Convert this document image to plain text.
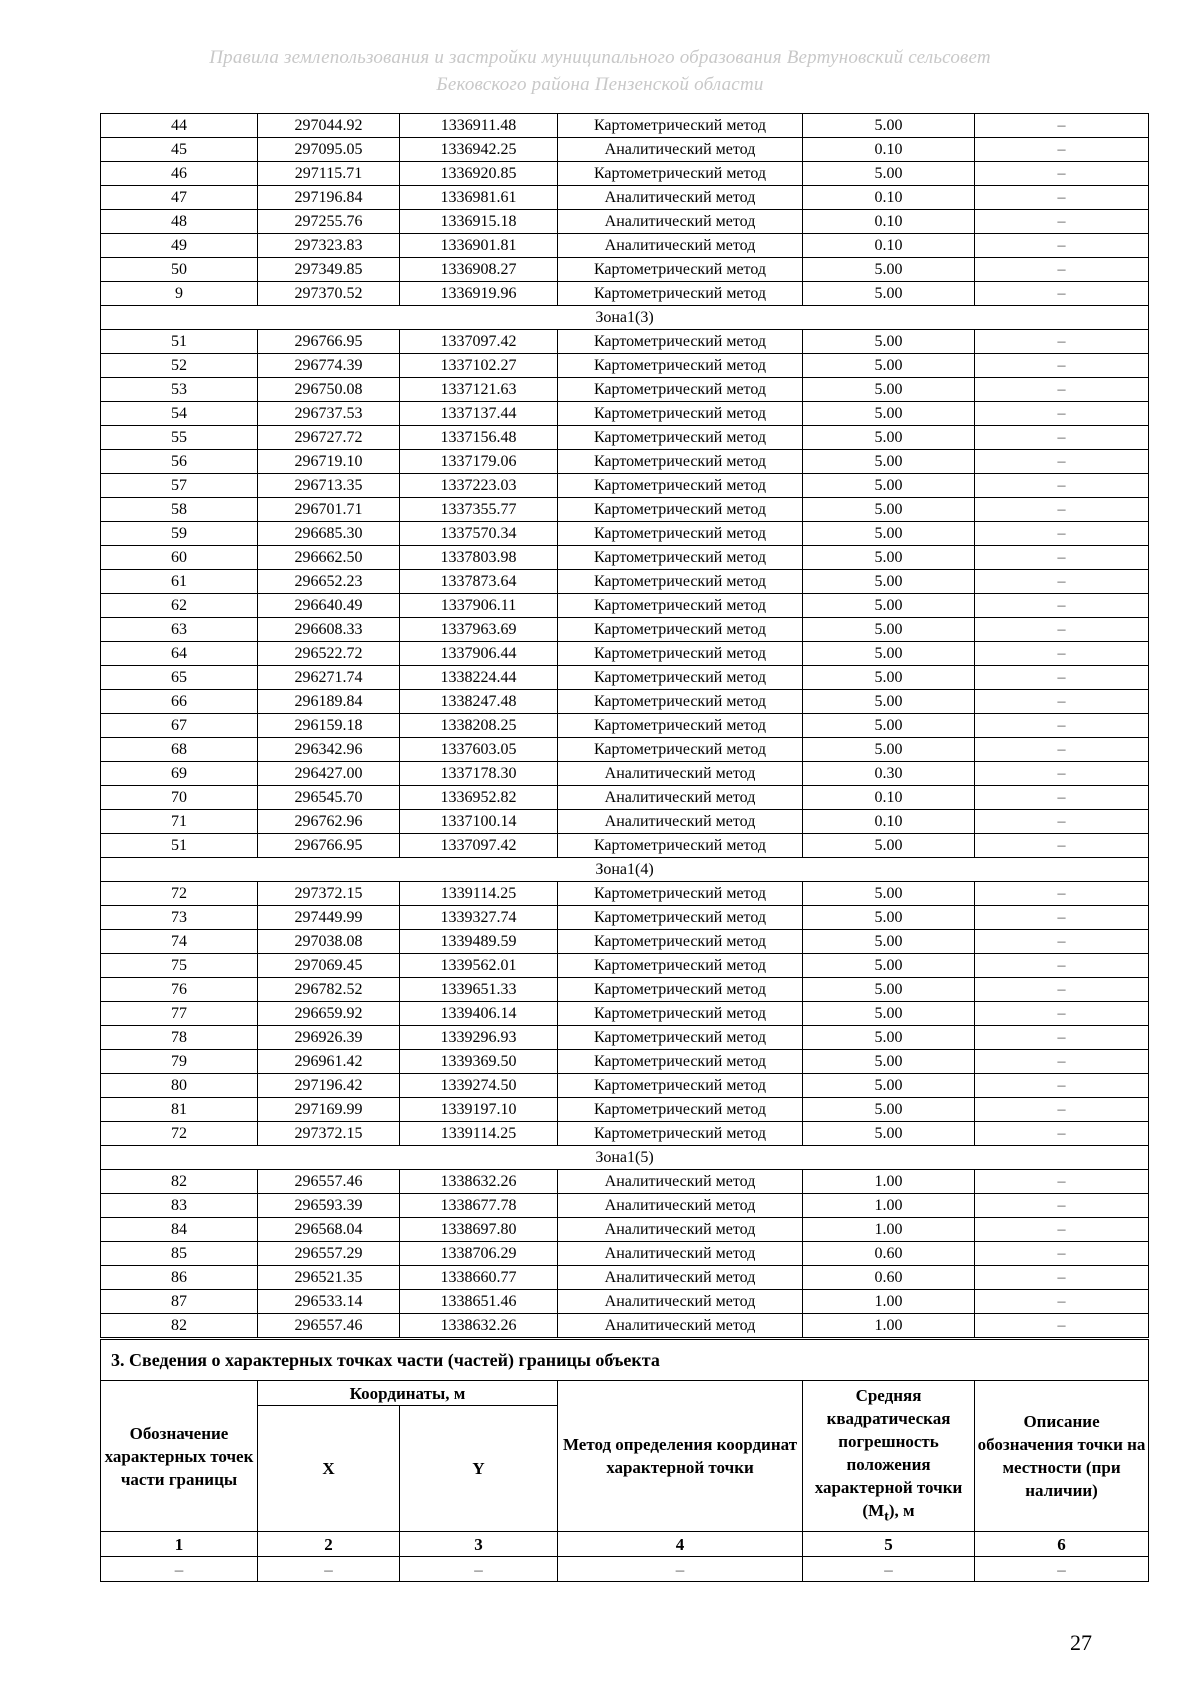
Правила землепользования и застройки муниципального образования Вертуновский сельсовет
Бековского района Пензенской области
44	297044.92	1336911.48	Картометрический метод	5.00	–
45	297095.05	1336942.25	Аналитический метод	0.10	–
46	297115.71	1336920.85	Картометрический метод	5.00	–
47	297196.84	1336981.61	Аналитический метод	0.10	–
48	297255.76	1336915.18	Аналитический метод	0.10	–
49	297323.83	1336901.81	Аналитический метод	0.10	–
50	297349.85	1336908.27	Картометрический метод	5.00	–
9	297370.52	1336919.96	Картометрический метод	5.00	–
Зона1(3)					
51	296766.95	1337097.42	Картометрический метод	5.00	–
52	296774.39	1337102.27	Картометрический метод	5.00	–
53	296750.08	1337121.63	Картометрический метод	5.00	–
54	296737.53	1337137.44	Картометрический метод	5.00	–
55	296727.72	1337156.48	Картометрический метод	5.00	–
56	296719.10	1337179.06	Картометрический метод	5.00	–
57	296713.35	1337223.03	Картометрический метод	5.00	–
58	296701.71	1337355.77	Картометрический метод	5.00	–
59	296685.30	1337570.34	Картометрический метод	5.00	–
60	296662.50	1337803.98	Картометрический метод	5.00	–
61	296652.23	1337873.64	Картометрический метод	5.00	–
62	296640.49	1337906.11	Картометрический метод	5.00	–
63	296608.33	1337963.69	Картометрический метод	5.00	–
64	296522.72	1337906.44	Картометрический метод	5.00	–
65	296271.74	1338224.44	Картометрический метод	5.00	–
66	296189.84	1338247.48	Картометрический метод	5.00	–
67	296159.18	1338208.25	Картометрический метод	5.00	–
68	296342.96	1337603.05	Картометрический метод	5.00	–
69	296427.00	1337178.30	Аналитический метод	0.30	–
70	296545.70	1336952.82	Аналитический метод	0.10	–
71	296762.96	1337100.14	Аналитический метод	0.10	–
51	296766.95	1337097.42	Картометрический метод	5.00	–
Зона1(4)					
72	297372.15	1339114.25	Картометрический метод	5.00	–
73	297449.99	1339327.74	Картометрический метод	5.00	–
74	297038.08	1339489.59	Картометрический метод	5.00	–
75	297069.45	1339562.01	Картометрический метод	5.00	–
76	296782.52	1339651.33	Картометрический метод	5.00	–
77	296659.92	1339406.14	Картометрический метод	5.00	–
78	296926.39	1339296.93	Картометрический метод	5.00	–
79	296961.42	1339369.50	Картометрический метод	5.00	–
80	297196.42	1339274.50	Картометрический метод	5.00	–
81	297169.99	1339197.10	Картометрический метод	5.00	–
72	297372.15	1339114.25	Картометрический метод	5.00	–
Зона1(5)					
82	296557.46	1338632.26	Аналитический метод	1.00	–
83	296593.39	1338677.78	Аналитический метод	1.00	–
84	296568.04	1338697.80	Аналитический метод	1.00	–
85	296557.29	1338706.29	Аналитический метод	0.60	–
86	296521.35	1338660.77	Аналитический метод	0.60	–
87	296533.14	1338651.46	Аналитический метод	1.00	–
82	296557.46	1338632.26	Аналитический метод	1.00	–
3. Сведения о характерных точках части (частей) границы объекта					
Обозначение характерных точек части границы	Координаты, м		Метод определения координат характерной точки	Средняя квадратическая погрешность положения характерной точки $(M_t)$, м	Описание обозначения точки на местности (при наличии)
	X	Y			
1	2	3	4	5	6
–	–	–	–	–	–
27
